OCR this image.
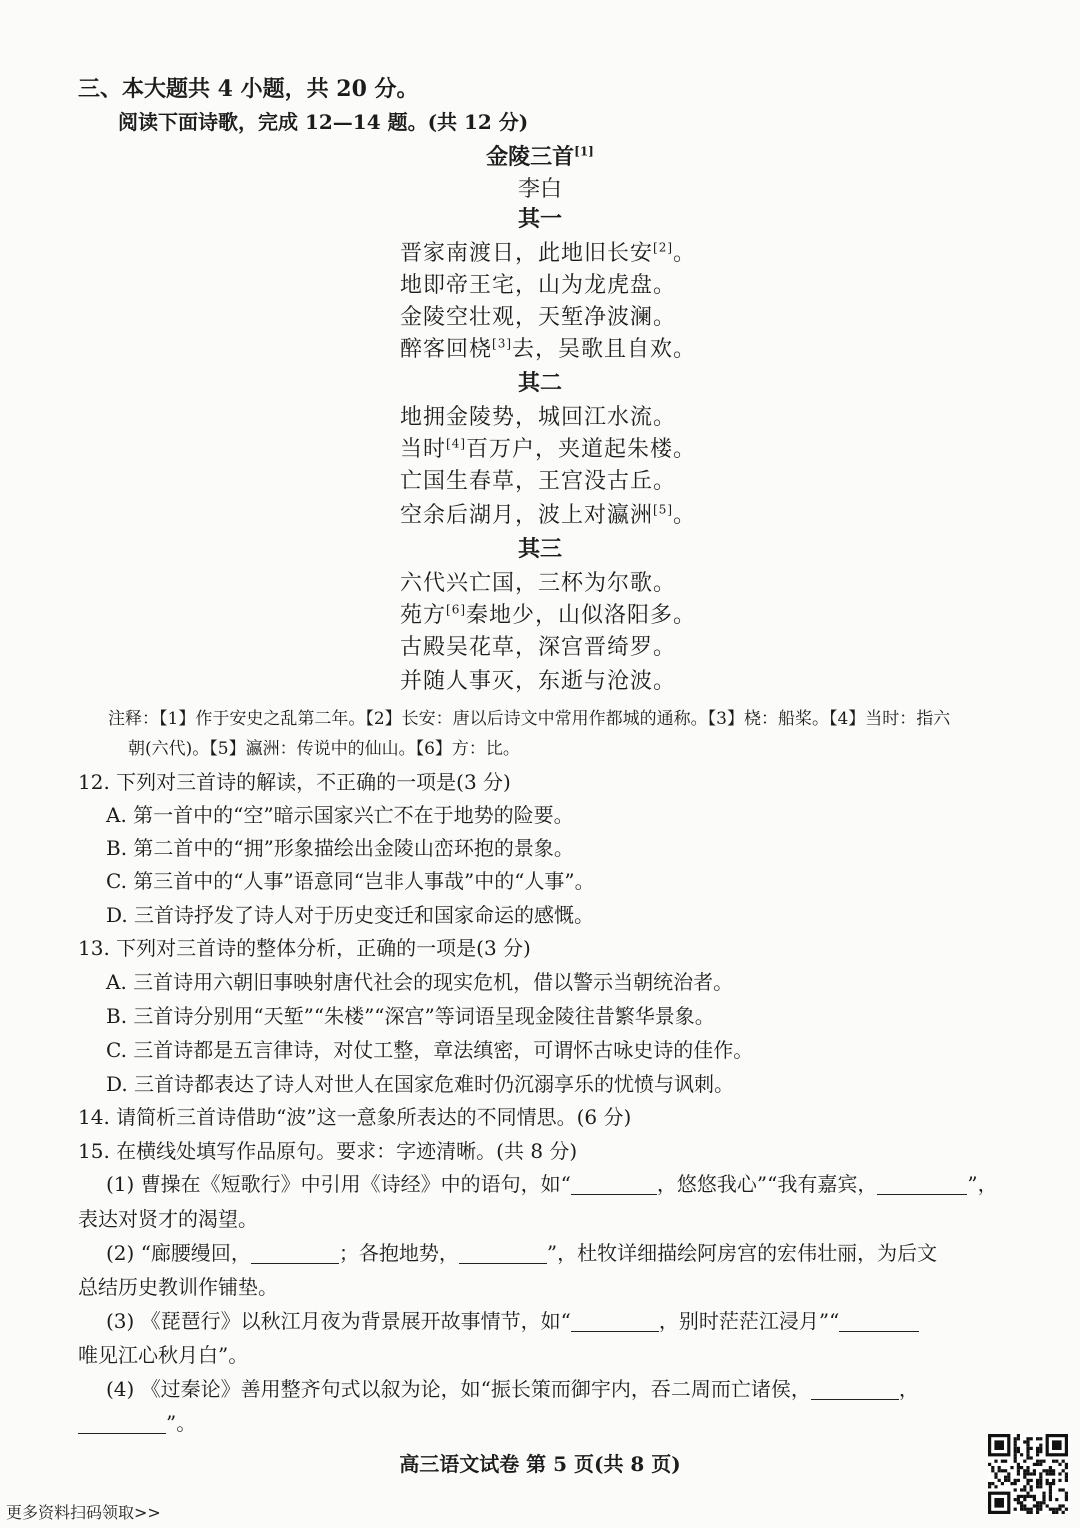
三、本大题共 4 小题，共 20 分。
阅读下面诗歌，完成 12—14 题。(共 12 分)
金陵三首[1]
李白
其一
晋家南渡日，此地旧长安[2]。
地即帝王宅，山为龙虎盘。
金陵空壮观，天堑净波澜。
醉客回桡[3]去，吴歌且自欢。
其二
地拥金陵势，城回江水流。
当时[4]百万户，夹道起朱楼。
亡国生春草，王宫没古丘。
空余后湖月，波上对瀛洲[5]。
其三
六代兴亡国，三杯为尔歌。
苑方[6]秦地少，山似洛阳多。
古殿吴花草，深宫晋绮罗。
并随人事灭，东逝与沧波。
注释：【1】作于安史之乱第二年。【2】长安：唐以后诗文中常用作都城的通称。【3】桡：船桨。【4】当时：指六
朝(六代)。【5】瀛洲：传说中的仙山。【6】方：比。
12. 下列对三首诗的解读，不正确的一项是(3 分)
A. 第一首中的“空”暗示国家兴亡不在于地势的险要。
B. 第二首中的“拥”形象描绘出金陵山峦环抱的景象。
C. 第三首中的“人事”语意同“岂非人事哉”中的“人事”。
D. 三首诗抒发了诗人对于历史变迁和国家命运的感慨。
13. 下列对三首诗的整体分析，正确的一项是(3 分)
A. 三首诗用六朝旧事映射唐代社会的现实危机，借以警示当朝统治者。
B. 三首诗分别用“天堑”“朱楼”“深宫”等词语呈现金陵往昔繁华景象。
C. 三首诗都是五言律诗，对仗工整，章法缜密，可谓怀古咏史诗的佳作。
D. 三首诗都表达了诗人对世人在国家危难时仍沉溺享乐的忧愤与讽刺。
14. 请简析三首诗借助“波”这一意象所表达的不同情思。(6 分)
15. 在横线处填写作品原句。要求：字迹清晰。(共 8 分)
(1) 曹操在《短歌行》中引用《诗经》中的语句，如“	，悠悠我心”“我有嘉宾，	”，
表达对贤才的渴望。
(2) “廊腰缦回，	；各抱地势，	”，杜牧详细描绘阿房宫的宏伟壮丽，为后文
总结历史教训作铺垫。
(3) 《琵琶行》以秋江月夜为背景展开故事情节，如“	，别时茫茫江浸月”“
唯见江心秋月白”。
(4) 《过秦论》善用整齐句式以叙为论，如“振长策而御宇内，吞二周而亡诸侯，	，
”。
高三语文试卷 第 5 页(共 8 页)
更多资料扫码领取>>
